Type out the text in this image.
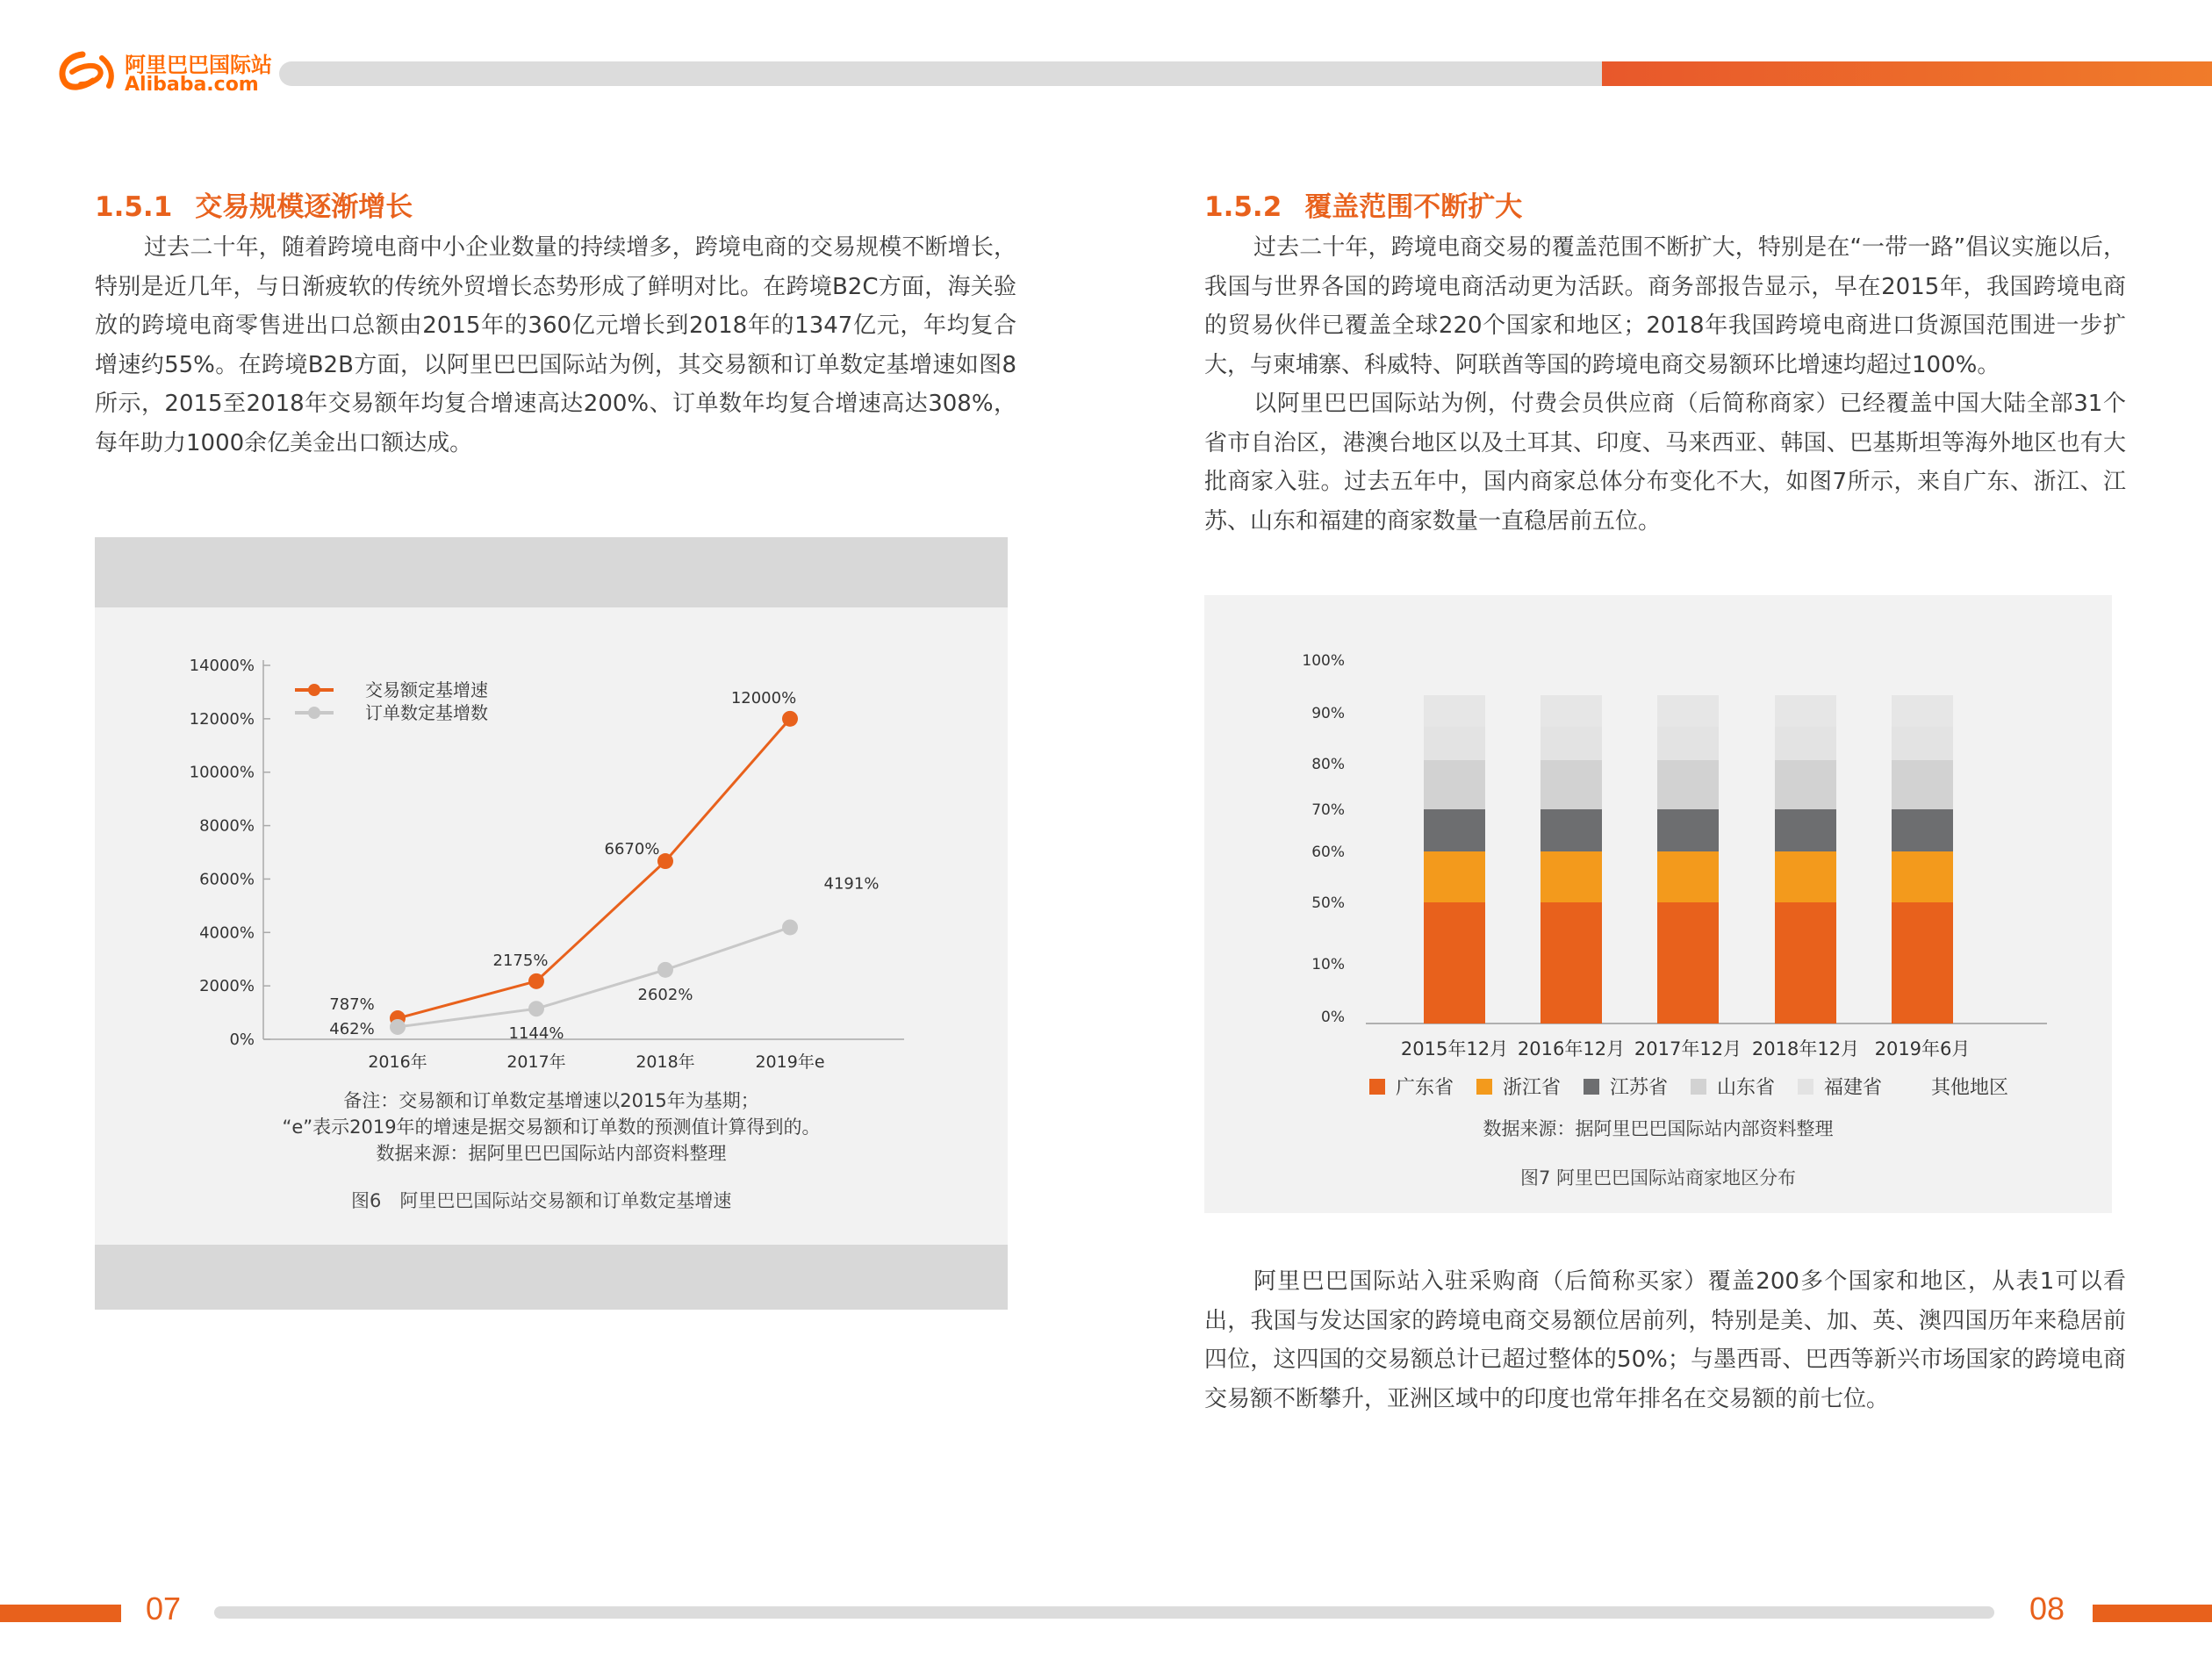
阿里巴巴国际站
Alibaba.com
1.5.1 交易规模逐渐增长

过去二十年，随着跨境电商中小企业数量的持续增多，跨境电商的交易规模不断增长，特别是近几年，与日渐疲软的传统外贸增长态势形成了鲜明对比。在跨境B2C方面，海关验放的跨境电商零售进出口总额由2015年的360亿元增长到2018年的1347亿元，年均复合增速约55%。在跨境B2B方面，以阿里巴巴国际站为例，其交易额和订单数定基增速如图8所示，2015至2018年交易额年均复合增速高达200%、订单数年均复合增速高达308%，每年助力1000余亿美金出口额达成。

0%
2000%
4000%
6000%
8000%
10000%
12000%
14000%
2016年	2017年	2018年	2019年e
787%
2175%
6670%
12000%
462%	1144%
2602%
4191%
交易额定基增速
订单数定基增数
备注：交易额和订单数定基增速以2015年为基期；
“e”表示2019年的增速是据交易额和订单数的预测值计算得到的。
数据来源：据阿里巴巴国际站内部资料整理
图6　阿里巴巴国际站交易额和订单数定基增速
1.5.2 覆盖范围不断扩大

过去二十年，跨境电商交易的覆盖范围不断扩大，特别是在“一带一路”倡议实施以后，我国与世界各国的跨境电商活动更为活跃。商务部报告显示，早在2015年，我国跨境电商的贸易伙伴已覆盖全球220个国家和地区；2018年我国跨境电商进口货源国范围进一步扩大，与柬埔寨、科威特、阿联酋等国的跨境电商交易额环比增速均超过100%。

以阿里巴巴国际站为例，付费会员供应商（后简称商家）已经覆盖中国大陆全部31个省市自治区，港澳台地区以及土耳其、印度、马来西亚、韩国、巴基斯坦等海外地区也有大批商家入驻。过去五年中，国内商家总体分布变化不大，如图7所示，来自广东、浙江、江苏、山东和福建的商家数量一直稳居前五位。

0%
10%
50%
60%
70%
80%
90%
100%
2015年12月 2016年12月 2017年12月 2018年12月 2019年6月
广东省	浙江省	江苏省	山东省	福建省	其他地区
数据来源：据阿里巴巴国际站内部资料整理
图7 阿里巴巴国际站商家地区分布

阿里巴巴国际站入驻采购商（后简称买家）覆盖200多个国家和地区，从表1可以看出，我国与发达国家的跨境电商交易额位居前列，特别是美、加、英、澳四国历年来稳居前四位，这四国的交易额总计已超过整体的50%；与墨西哥、巴西等新兴市场国家的跨境电商交易额不断攀升，亚洲区域中的印度也常年排名在交易额的前七位。

07	08
